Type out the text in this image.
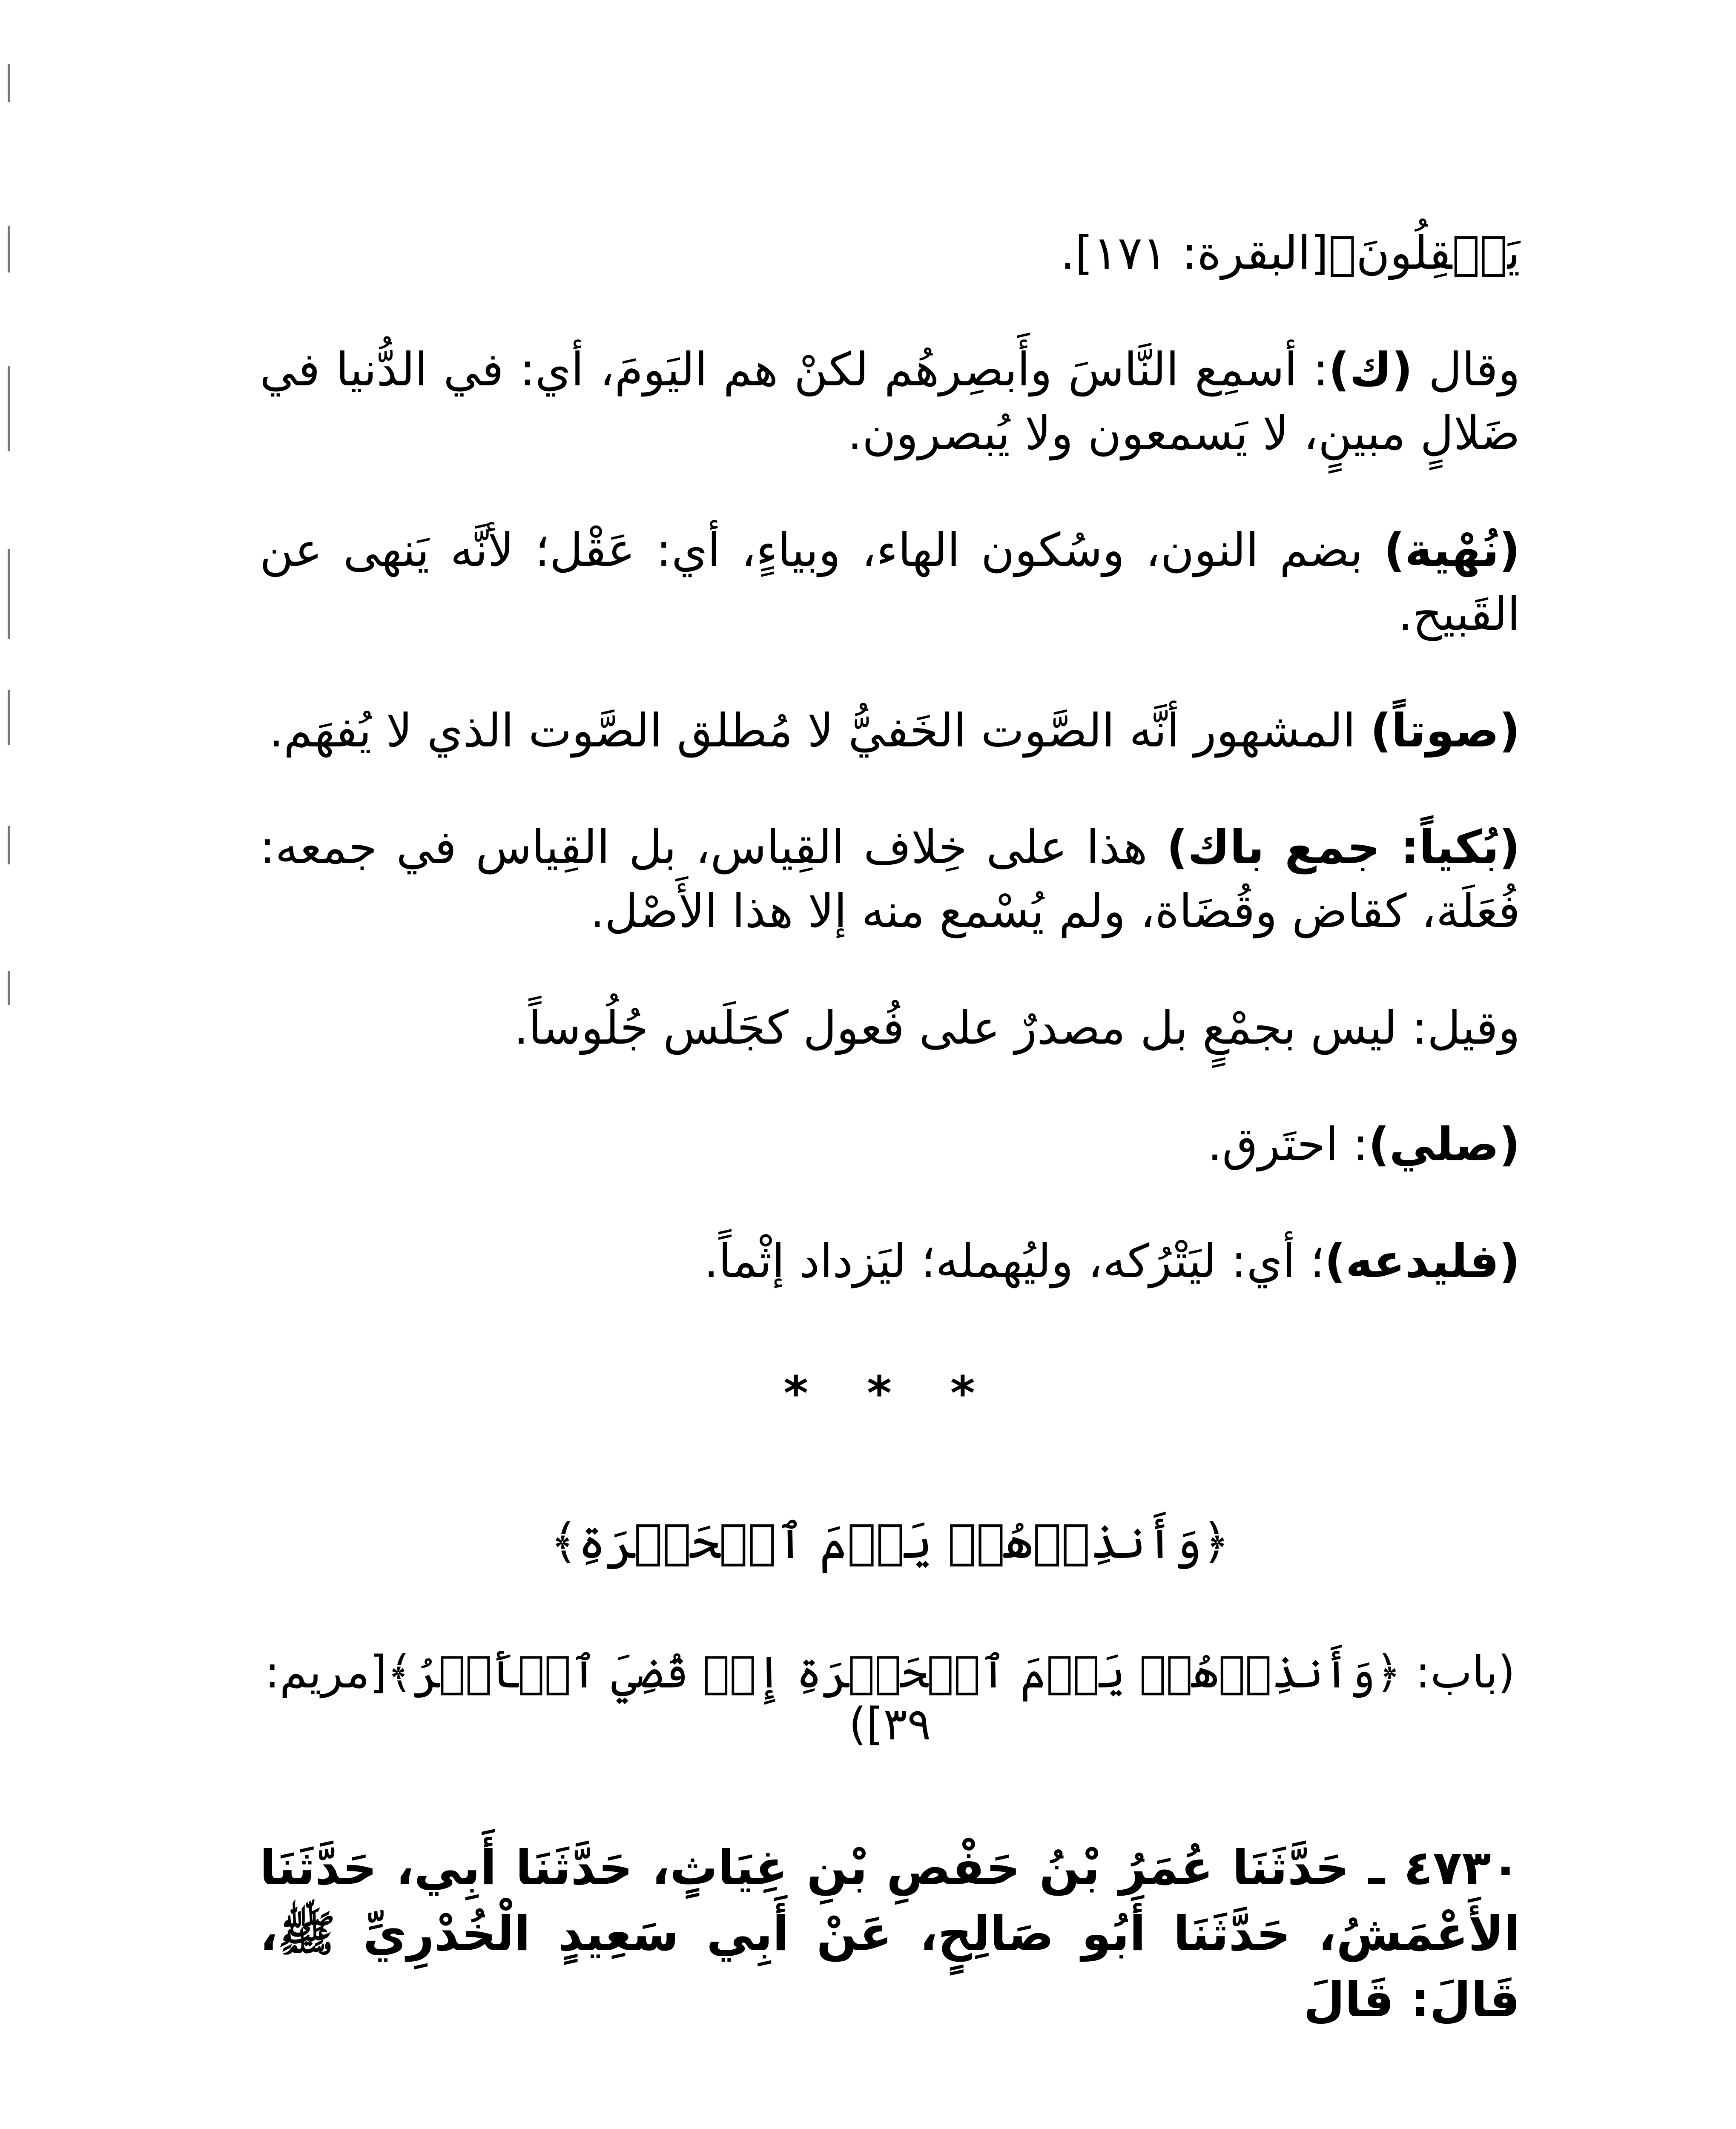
يَعۡقِلُونَ﴾[البقرة: ١٧١].

وقال (ك): أسمِع النَّاسَ وأَبصِرهُم لكنْ هم اليَومَ، أي: في الدُّنيا في ضَلالٍ مبينٍ، لا يَسمعون ولا يُبصرون.

(نُهْية) بضم النون، وسُكون الهاء، وبياءٍ، أي: عَقْل؛ لأنَّه يَنهى عن القَبيح.

(صوتاً) المشهور أنَّه الصَّوت الخَفيُّ لا مُطلق الصَّوت الذي لا يُفهَم.

(بُكياً: جمع باك) هذا على خِلاف القِياس، بل القِياس في جمعه: فُعَلَة، كقاض وقُضَاة، ولم يُسْمع منه إلا هذا الأَصْل.

وقيل: ليس بجمْعٍ بل مصدرٌ على فُعول كجَلَس جُلُوساً.

(صلي): احتَرق.

(فليدعه)؛ أي: ليَتْرُكه، وليُهمله؛ ليَزداد إثْماً.

* * *
﴿وَأَنذِرۡهُمۡ يَوۡمَ ٱلۡحَسۡرَةِ﴾
(باب: ﴿وَأَنذِرۡهُمۡ يَوۡمَ ٱلۡحَسۡرَةِ إِذۡ قُضِيَ ٱلۡأَمۡرُ﴾[مريم: ٣٩])

٤٧٣٠ ـ حَدَّثَنَا عُمَرُ بْنُ حَفْصِ بْنِ غِيَاثٍ، حَدَّثَنَا أَبِي، حَدَّثَنَا الأَعْمَشُ، حَدَّثَنَا أَبُو صَالِحٍ، عَنْ أَبِي سَعِيدٍ الْخُدْرِيِّ ﷺ، قَالَ: قَالَ
